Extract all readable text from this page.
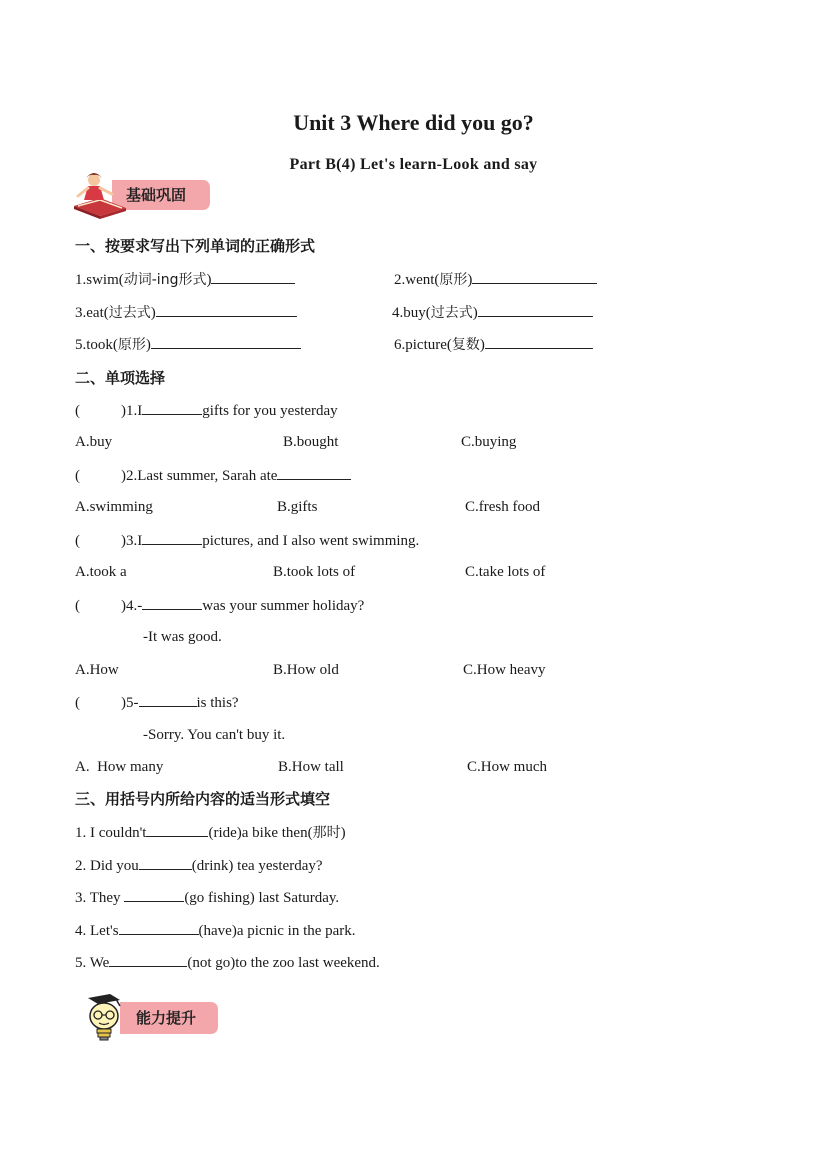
Unit 3 Where did you go?
Part B(4) Let's learn-Look and say
基础巩固
一、按要求写出下列单词的正确形式
1.swim(动词-ing形式)	2.went(原形)
3.eat(过去式)	4.buy(过去式)
5.took(原形)	6.picture(复数)
二、单项选择
(	)1.I	gifts for you yesterday
A.buy	B.bought	C.buying
(	)2.Last summer, Sarah ate
A.swimming	B.gifts	C.fresh food
(	)3.I	pictures, and I also went swimming.
A.took a	B.took lots of	C.take lots of
(	)4.-	was your summer holiday?
-It was good.
A.How	B.How old	C.How heavy
(	)5-	is this?
-Sorry. You can't buy it.
A.  How many	B.How tall	C.How much
三、用括号内所给内容的适当形式填空
1. I couldn't	(ride)a bike then(那时)
2. Did you	(drink) tea yesterday?
3. They	(go fishing) last Saturday.
4. Let's	(have)a picnic in the park.
5. We	(not go)to the zoo last weekend.
能力提升
